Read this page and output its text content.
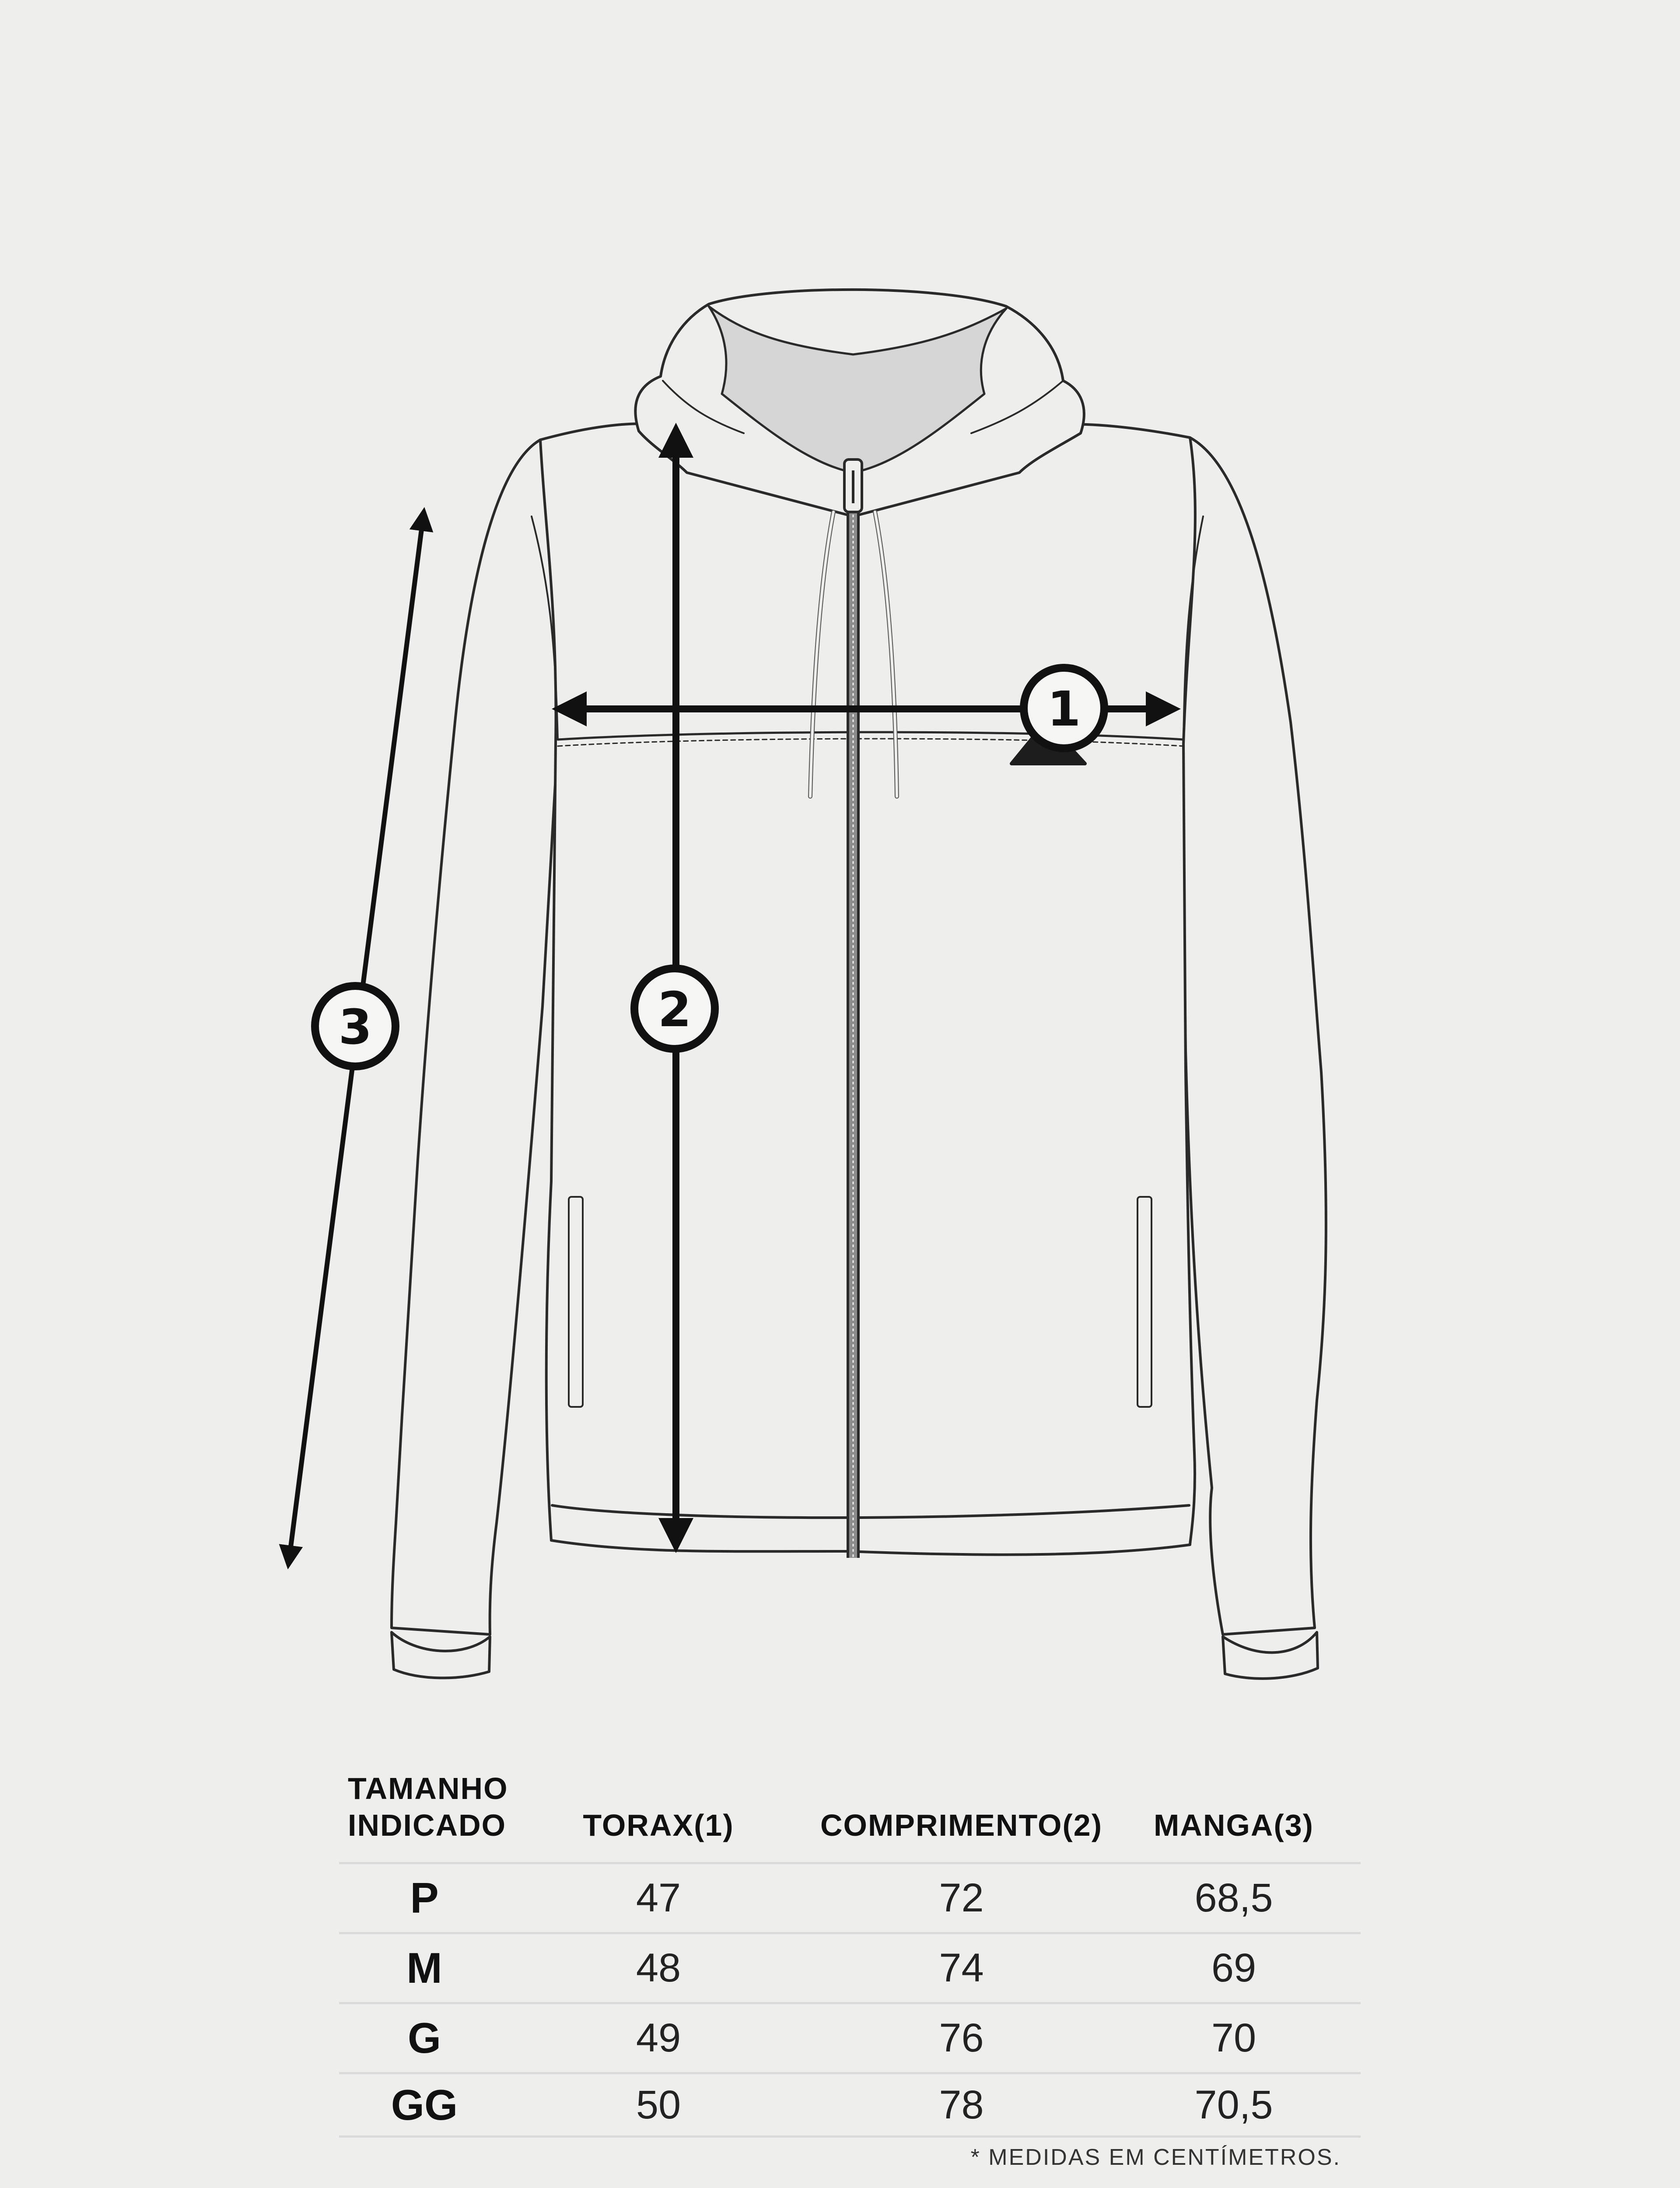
1
2
3
TAMANHO
INDICADO	TORAX(1)	COMPRIMENTO(2)	MANGA(3)
P	47	72	68,5
M	48	74	69
G	49	76	70
GG	50	78	70,5
* MEDIDAS EM CENTÍMETROS.
